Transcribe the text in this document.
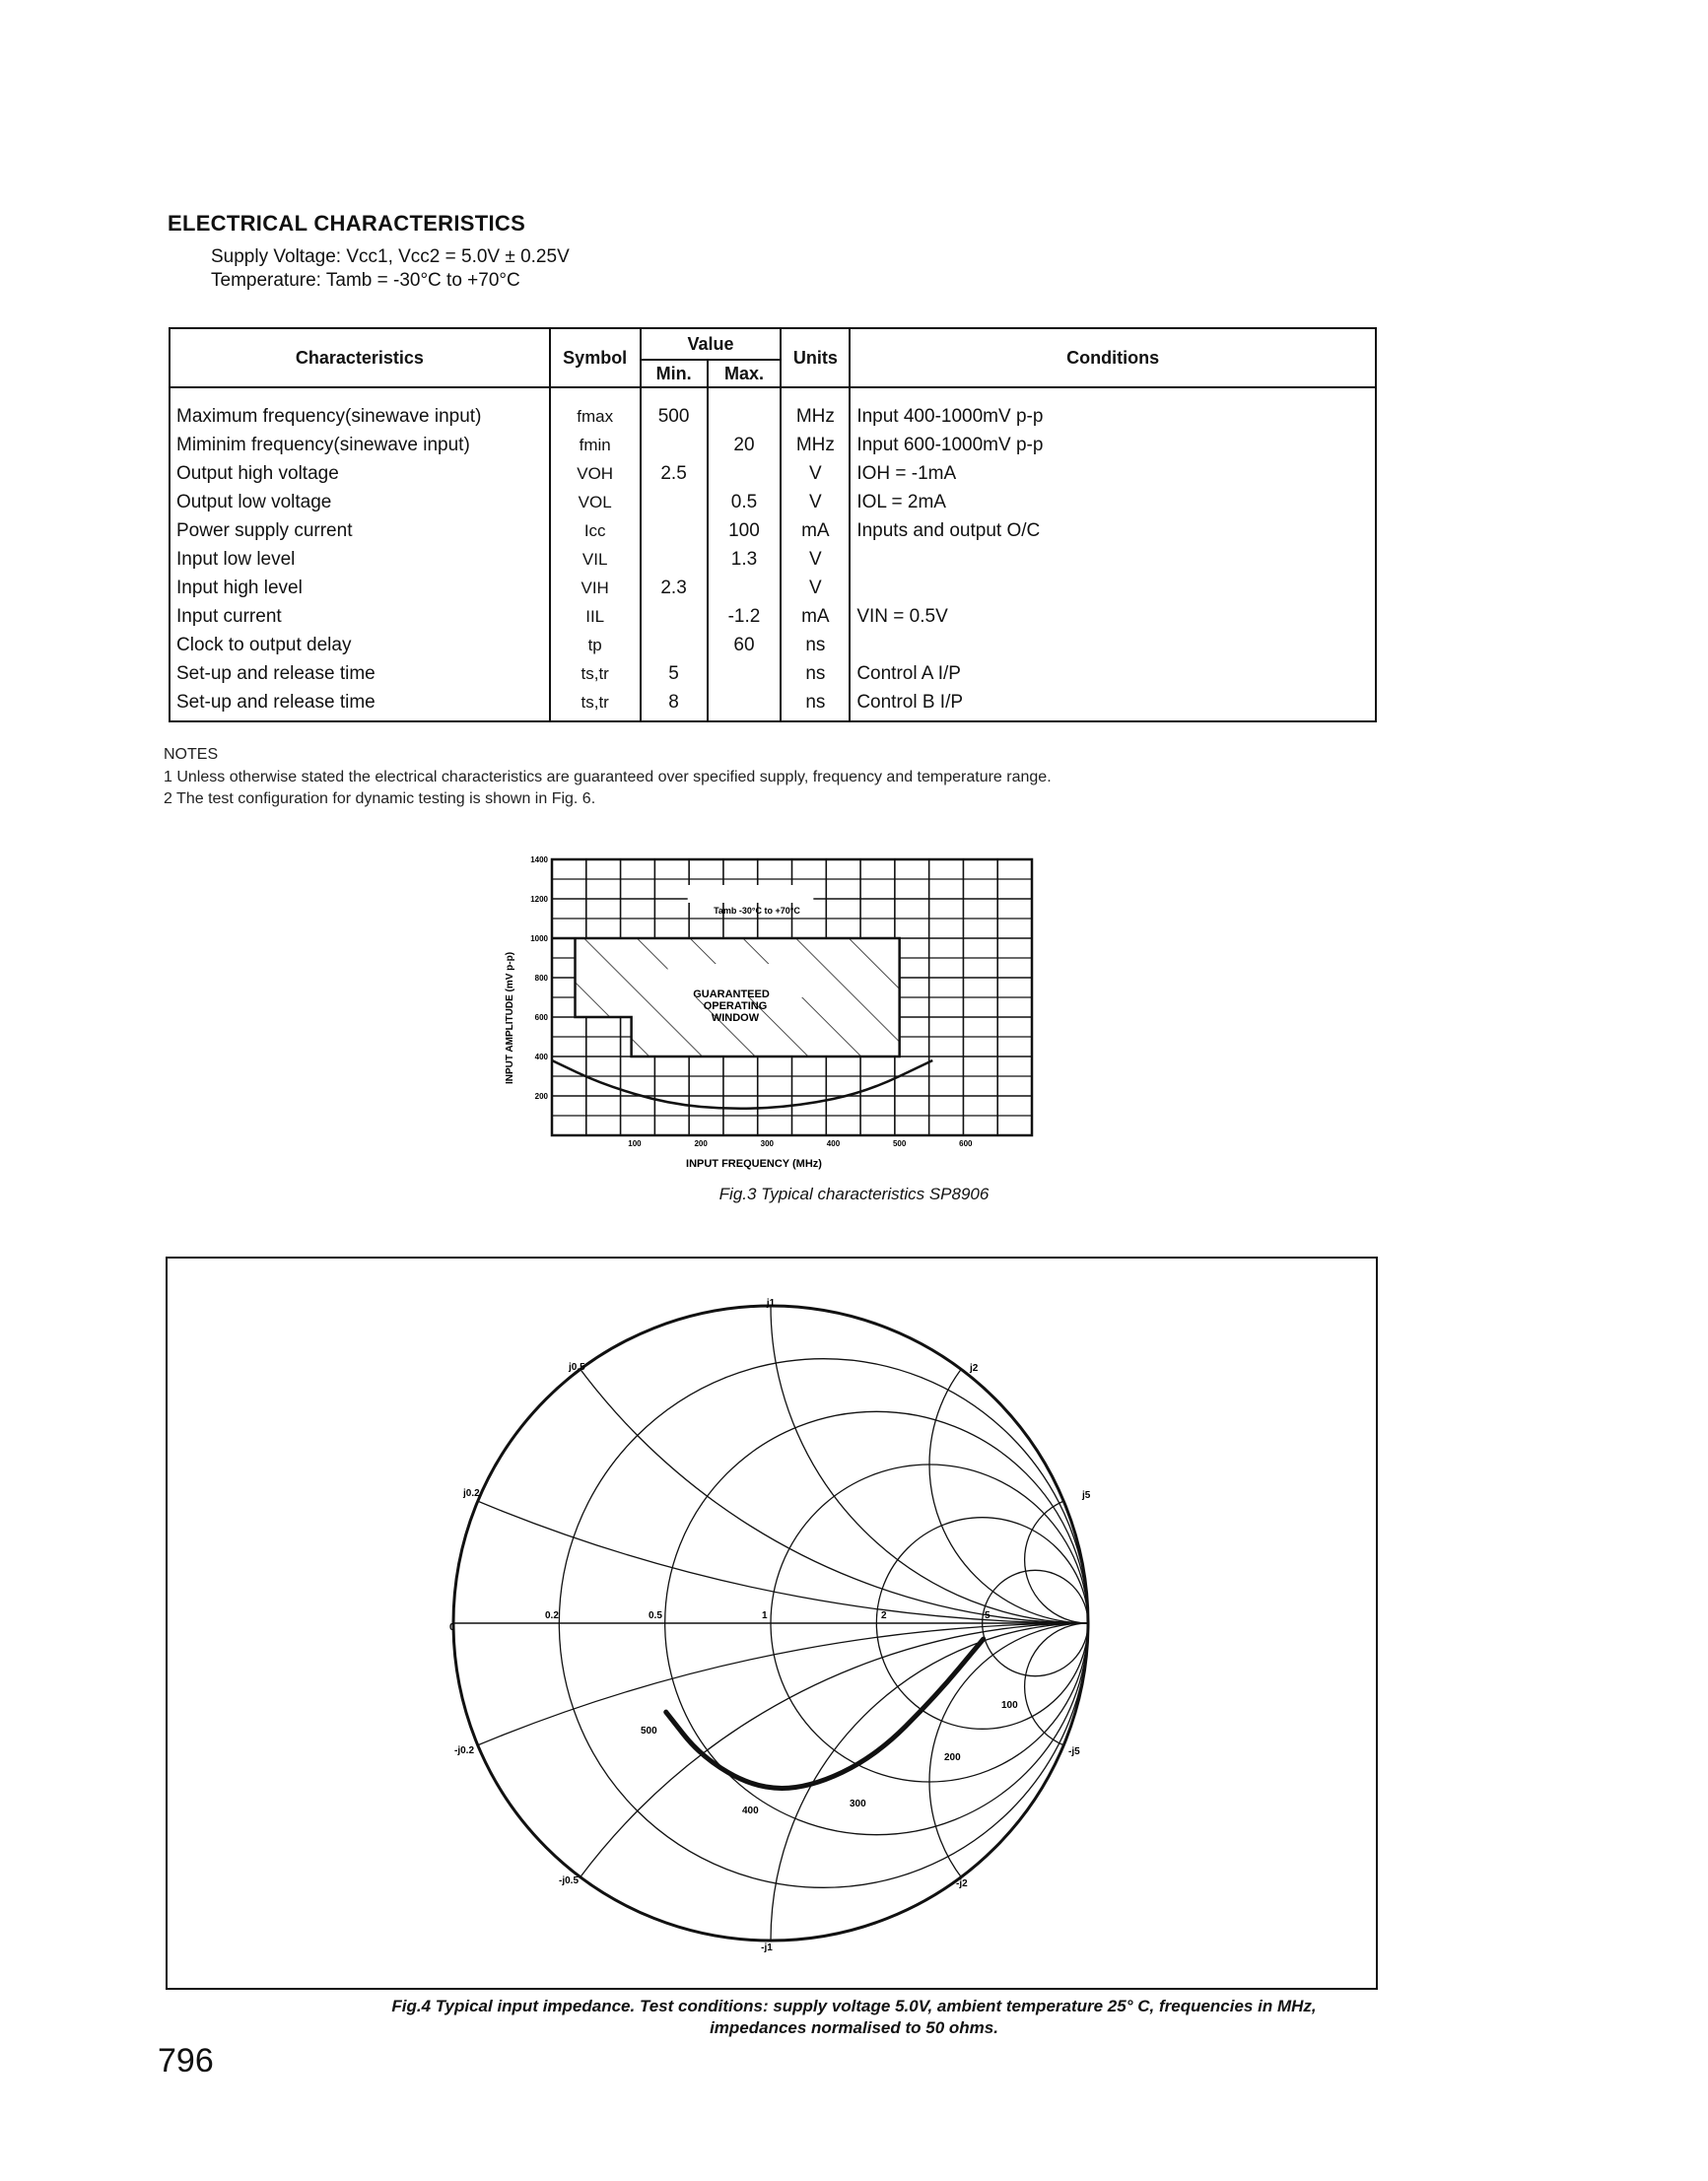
ELECTRICAL CHARACTERISTICS
Supply Voltage: Vcc1, Vcc2 = 5.0V ± 0.25V
Temperature: Tamb = -30°C to +70°C
Characteristics	Symbol	Value		Units	Conditions
		Min.	Max.		
Maximum frequency(sinewave input)	fmax	500		MHz	Input 400-1000mV p-p
Miminim frequency(sinewave input)	fmin		20	MHz	Input 600-1000mV p-p
Output high voltage	VOH	2.5		V	IOH = -1mA
Output low voltage	VOL		0.5	V	IOL = 2mA
Power supply current	Icc		100	mA	Inputs and output O/C
Input low level	VIL		1.3	V	
Input high level	VIH	2.3		V	
Input current	IIL		-1.2	mA	VIN = 0.5V
Clock to output delay	tp		60	ns	
Set-up and release time	ts,tr	5		ns	Control A I/P
Set-up and release time	ts,tr	8		ns	Control B I/P
NOTES
1 Unless otherwise stated the electrical characteristics are guaranteed over specified supply, frequency and temperature range.
2 The test configuration for dynamic testing is shown in Fig. 6.
1400
1200
1000
800
600
400
200
100	200	300	400	500	600
INPUT AMPLITUDE (mV p-p)
INPUT FREQUENCY (MHz)
Tamb -30°C to +70°C
GUARANTEED
OPERATING
WINDOW
Fig.3 Typical characteristics SP8906
j1
-j1
0
j0.5	j2
j0.2	j5
-j0.2	-j5
-j0.5	-j2
0.2	0.5	1	2	5
500
400
300
200
100
Fig.4 Typical input impedance. Test conditions: supply voltage 5.0V, ambient temperature 25° C, frequencies in MHz,
impedances normalised to 50 ohms.
796
